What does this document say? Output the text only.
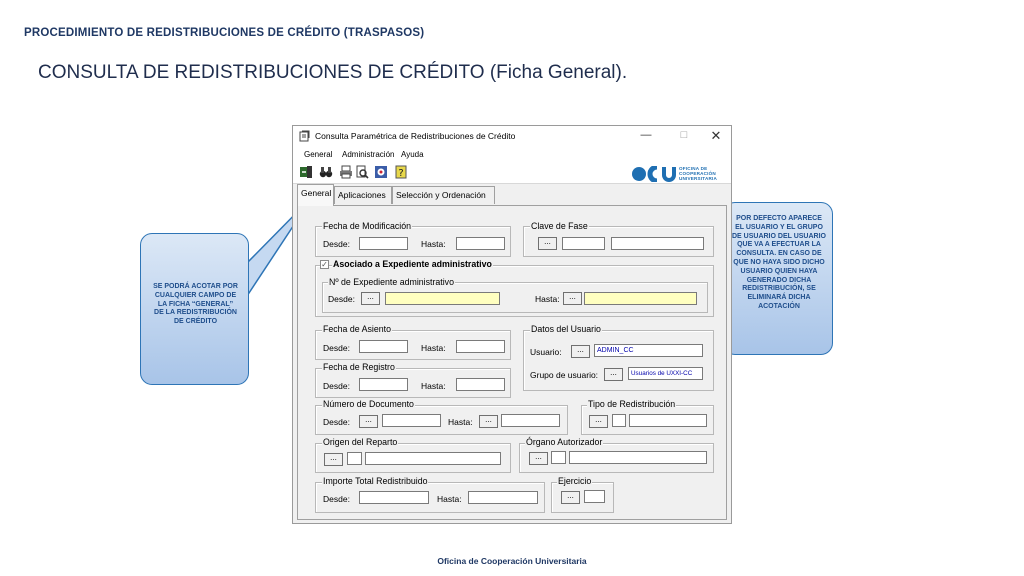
PROCEDIMIENTO DE REDISTRIBUCIONES DE CRÉDITO (TRASPASOS)
CONSULTA DE REDISTRIBUCIONES DE CRÉDITO (Ficha General).
SE PODRÁ ACOTAR POR CUALQUIER CAMPO DE LA FICHA “GENERAL” DE LA REDISTRIBUCIÓN DE CRÉDITO
POR DEFECTO APARECE EL USUARIO Y EL GRUPO DE USUARIO DEL USUARIO QUE VA A EFECTUAR LA CONSULTA. EN CASO DE QUE NO HAYA SIDO DICHO USUARIO QUIEN HAYA GENERADO DICHA REDISTRIBUCIÓN, SE ELIMINARÁ DICHA ACOTACIÓN
Consulta Paramétrica de Redistribuciones de Crédito	—	□	✕
General Administración Ayuda
?	OFICINA DE COOPERACIÓN UNIVERSITARIA
General Aplicaciones	Selección y Ordenación
Fecha de Modificación
Desde:	Hasta:
Clave de Fase
...
✓ Asociado a Expediente administrativo
Nº de Expediente administrativo
Desde:	...	Hasta:	...
Fecha de Asiento
Desde:	Hasta:
Fecha de Registro
Desde:	Hasta:
Datos del Usuario
Usuario:	...	ADMIN_CC
Grupo de usuario:	...	Usuarios de UXXI-CC
Número de Documento
Desde:	...	Hasta:	...
Tipo de Redistribución
...
Origen del Reparto
...
Órgano Autorizador
...
Importe Total Redistribuido
Desde:	Hasta:
Ejercicio
...
Oficina de Cooperación Universitaria
